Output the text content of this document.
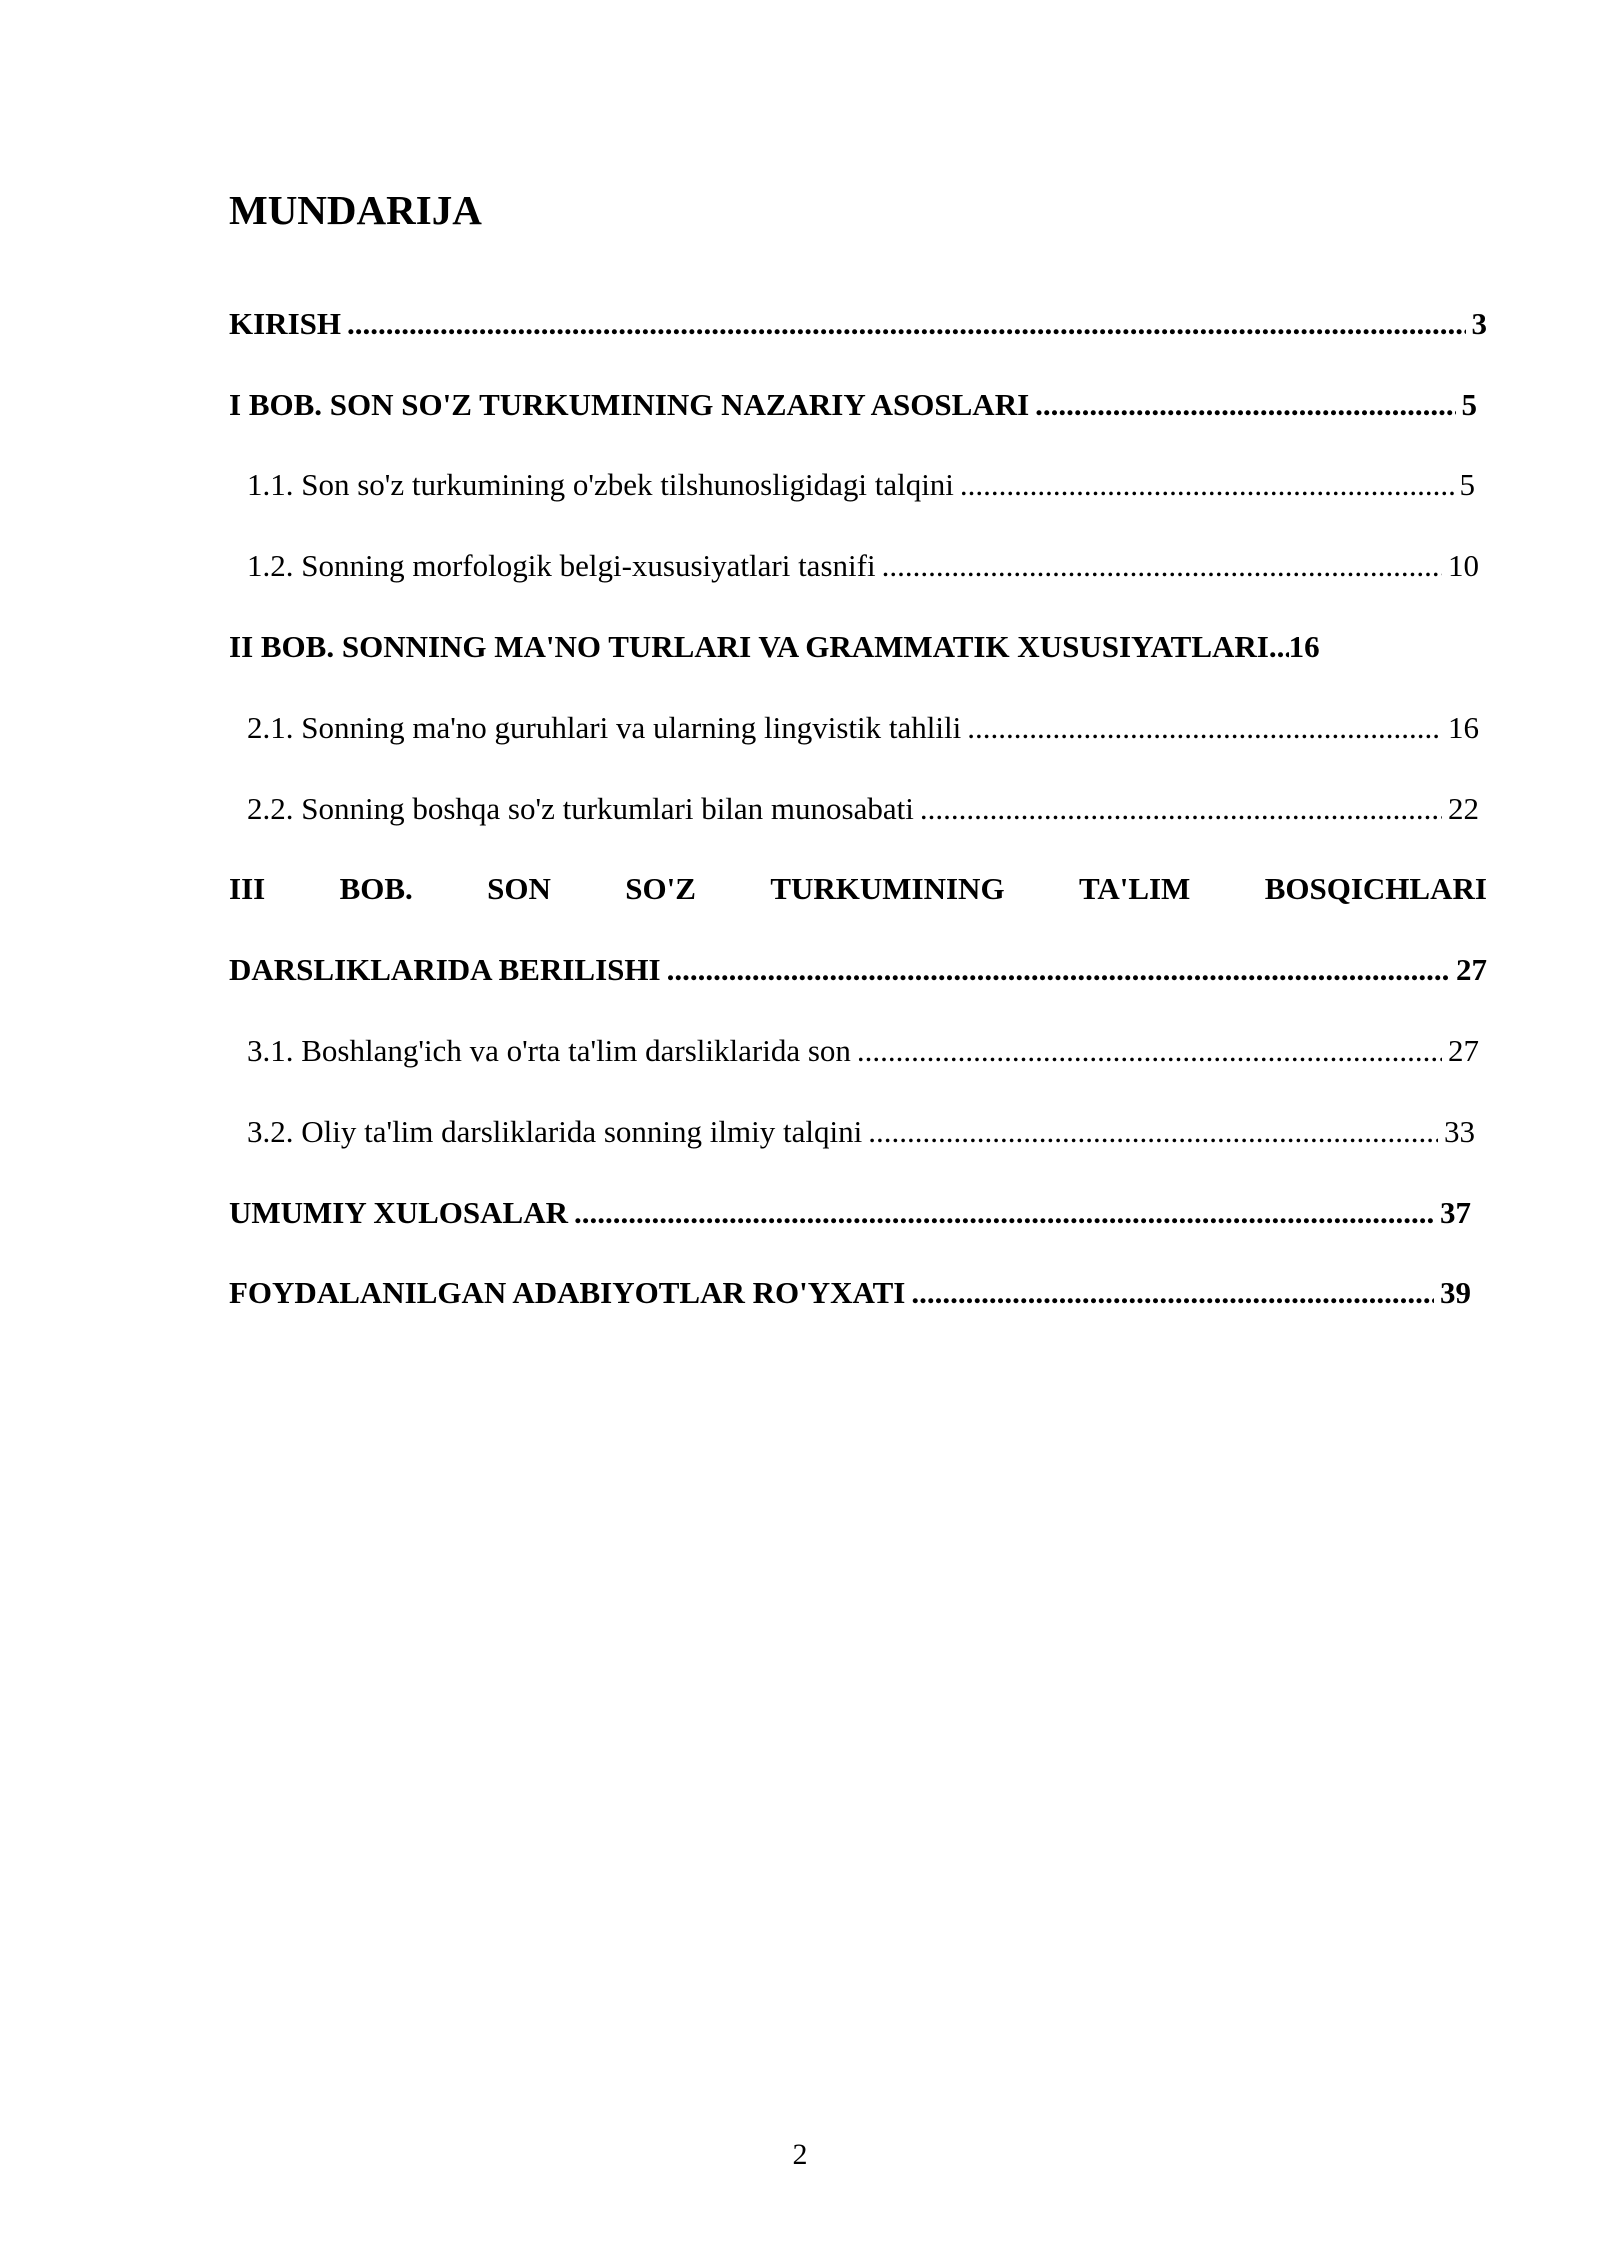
MUNDARIJA
KIRISH .....	3
I BOB. SON SO'Z TURKUMINING NAZARIY ASOSLARI .....	5
1.1. Son so'z turkumining o'zbek tilshunosligidagi talqini .....	5
1.2. Sonning morfologik belgi-xususiyatlari tasnifi .....	10
II BOB. SONNING MA'NO TURLARI VA GRAMMATIK XUSUSIYATLARI. ..... 16
2.1. Sonning ma'no guruhlari va ularning lingvistik tahlili .....	16
2.2. Sonning boshqa so'z turkumlari bilan munosabati .....	22
III BOB. SON SO'Z TURKUMINING TA'LIM BOSQICHLARI
DARSLIKLARIDA BERILISHI .....	27
3.1. Boshlang'ich va o'rta ta'lim darsliklarida son .....	27
3.2. Oliy ta'lim darsliklarida sonning ilmiy talqini .....	33
UMUMIY XULOSALAR .....	37
FOYDALANILGAN ADABIYOTLAR RO'YXATI .....	39
2
